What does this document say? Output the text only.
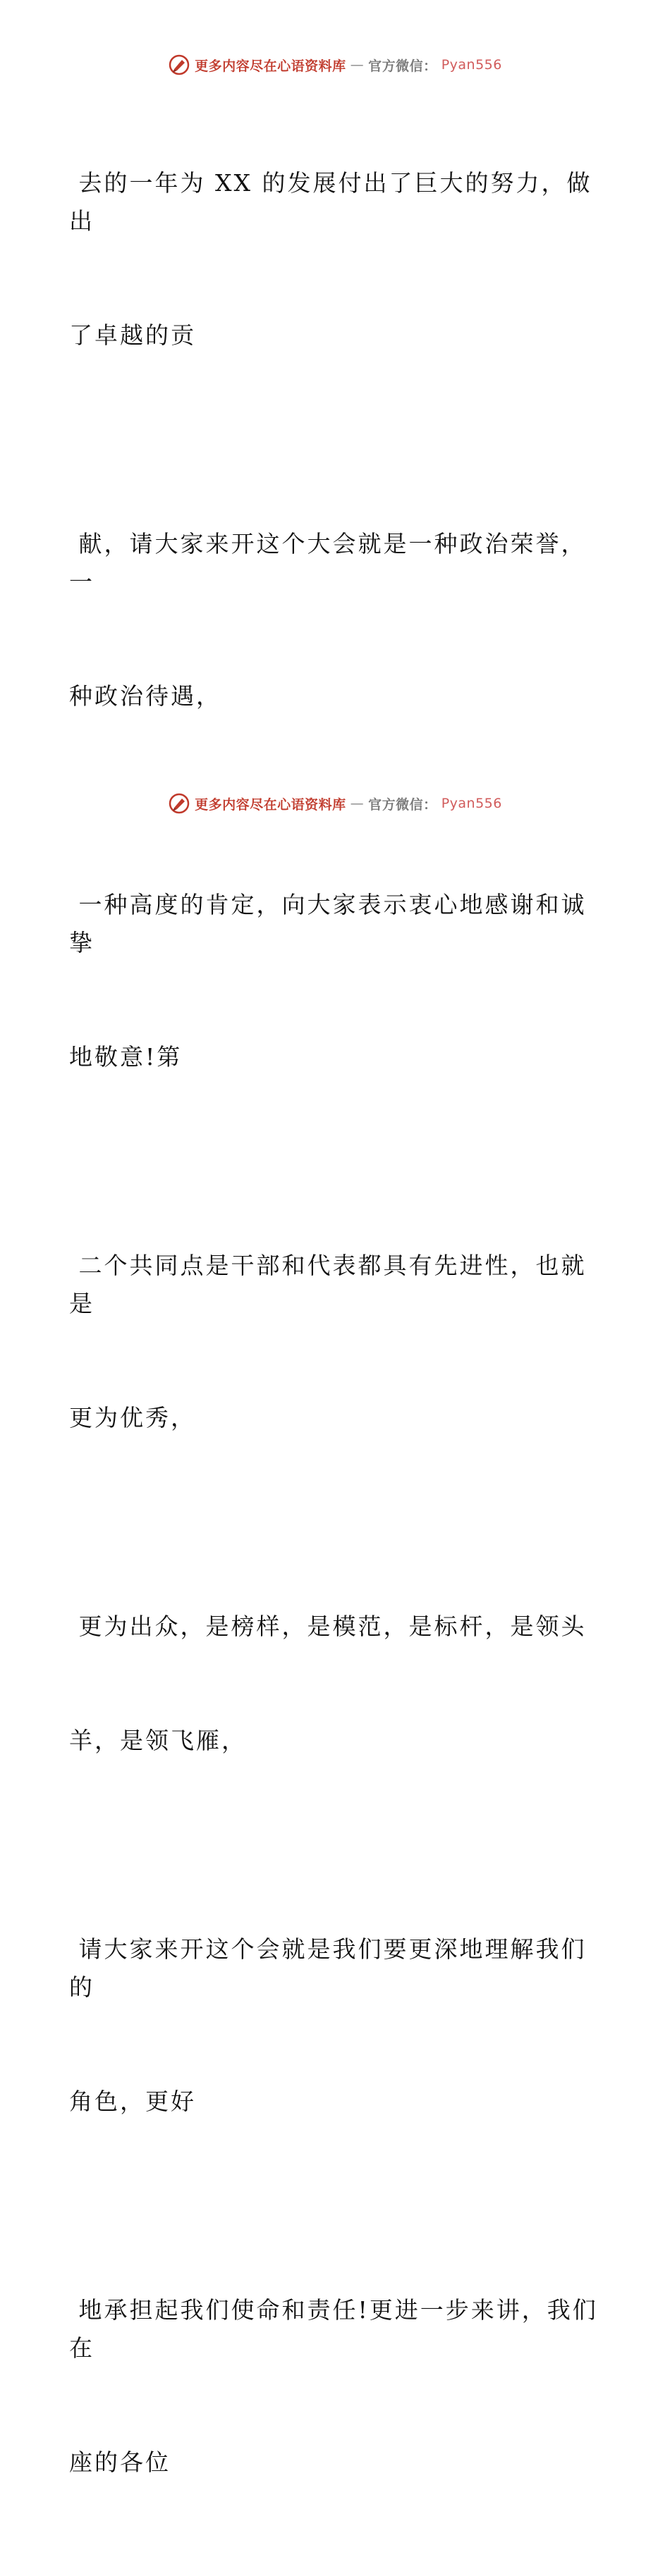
更多内容尽在心语资料库 — 官方微信： Pyan556

去的一年为 XX 的发展付出了巨大的努力，做出

了卓越的贡

献，请大家来开这个大会就是一种政治荣誉，一

种政治待遇，

一种高度的肯定，向大家表示衷心地感谢和诚挚

地敬意!第

二个共同点是干部和代表都具有先进性，也就是

更为优秀，

更为出众，是榜样，是模范，是标杆，是领头

羊，是领飞雁，

请大家来开这个会就是我们要更深地理解我们的

角色，更好

地承担起我们使命和责任!更进一步来讲，我们在

座的各位

更多内容尽在心语资料库 — 官方微信： Pyan556
